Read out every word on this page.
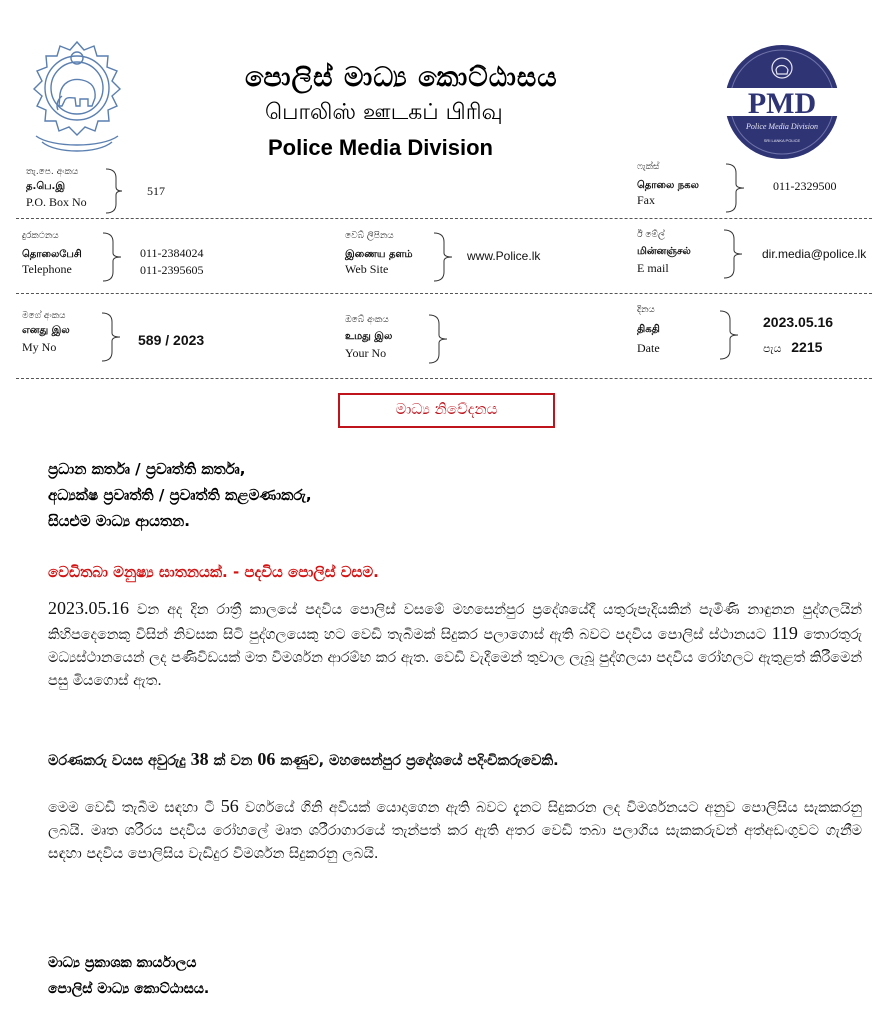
පොලිස් මාධ්‍ය කොට්ඨාසය
பொலிஸ் ஊடகப் பிரிவு
Police Media Division
PMD
Police Media Division
SRI LANKA POLICE
තැ.පෙ. අංකය
த.பெ.இ
P.O. Box No
517
ෆැක්ස්
தொலை நகல
Fax
011-2329500
දුරකථනය
தொலைபேசி
Telephone
011-2384024
011-2395605
වෙබ් ලිපිනය
இணைய தளம்
Web Site
www.Police.lk
ඊ මේල්
மின்னஞ்சல்
E mail
dir.media@police.lk
මගේ අංකය
எனது இல
My No	589 / 2023
ඔබේ අංකය
உமது இல
Your No
දිනය
திகதி
Date
2023.05.16
පැය 2215
මාධ්‍ය නිවේදනය
ප්‍රධාන කර්තෘ / ප්‍රවෘත්ති කර්තෘ,
අධ්‍යක්ෂ ප්‍රවෘත්ති / ප්‍රවෘත්ති කළමණාකරු,
සියළුම මාධ්‍ය ආයතන.
වෙඩිතබා මනුෂ්‍ය ඝාතනයක්. - පදවිය පොලිස් වසම.
2023.05.16 වන අද දින රාත්‍රී කාලයේ පදවිය පොලිස් වසමේ මහසෙන්පුර ප්‍රදේශයේදී යතුරුපැදියකින් පැමිණි නාඳුනන පුද්ගලයින් කිහිපදෙනෙකු විසින් නිවසක සිටි පුද්ගලයෙකු හට වෙඩි තැබීමක් සිදුකර පලාගොස් ඇති බවට පදවිය පොලිස් ස්ථානයට 119 තොරතුරු මධ්‍යස්ථානයෙන් ලද පණිවිඩයක් මත විමර්ශන ආරම්භ කර ඇත. වෙඩි වැදීමෙන් තුවාල ලැබූ පුද්ගලයා පදවිය රෝහලට ඇතුළත් කිරීමෙන් පසු මියගොස් ඇත.
මරණකරු වයස අවුරුදු 38 ක් වන 06 කණුව, මහසෙන්පුර ප්‍රදේශයේ පදිංචිකරුවෙකි.
මෙම වෙඩි තැබීම සඳහා ටී 56 වර්ගයේ ගිනි අවියක් යොදාගෙන ඇති බවට දැනට සිදුකරන ලද විමර්ශනයට අනුව පොලිසිය සැකකරනු ලබයි. මෘත ශරීරය පදවිය රෝහලේ මෘත ශරීරාගාරයේ තැන්පත් කර ඇති අතර වෙඩි තබා පලාගිය සැකකරුවන් අත්අඩංගුවට ගැනීම සඳහා පදවිය පොලිසිය වැඩිදුර විමර්ශන සිදුකරනු ලබයි.
මාධ්‍ය ප්‍රකාශක කාර්යාලය
පොලිස් මාධ්‍ය කොට්ඨාසය.
